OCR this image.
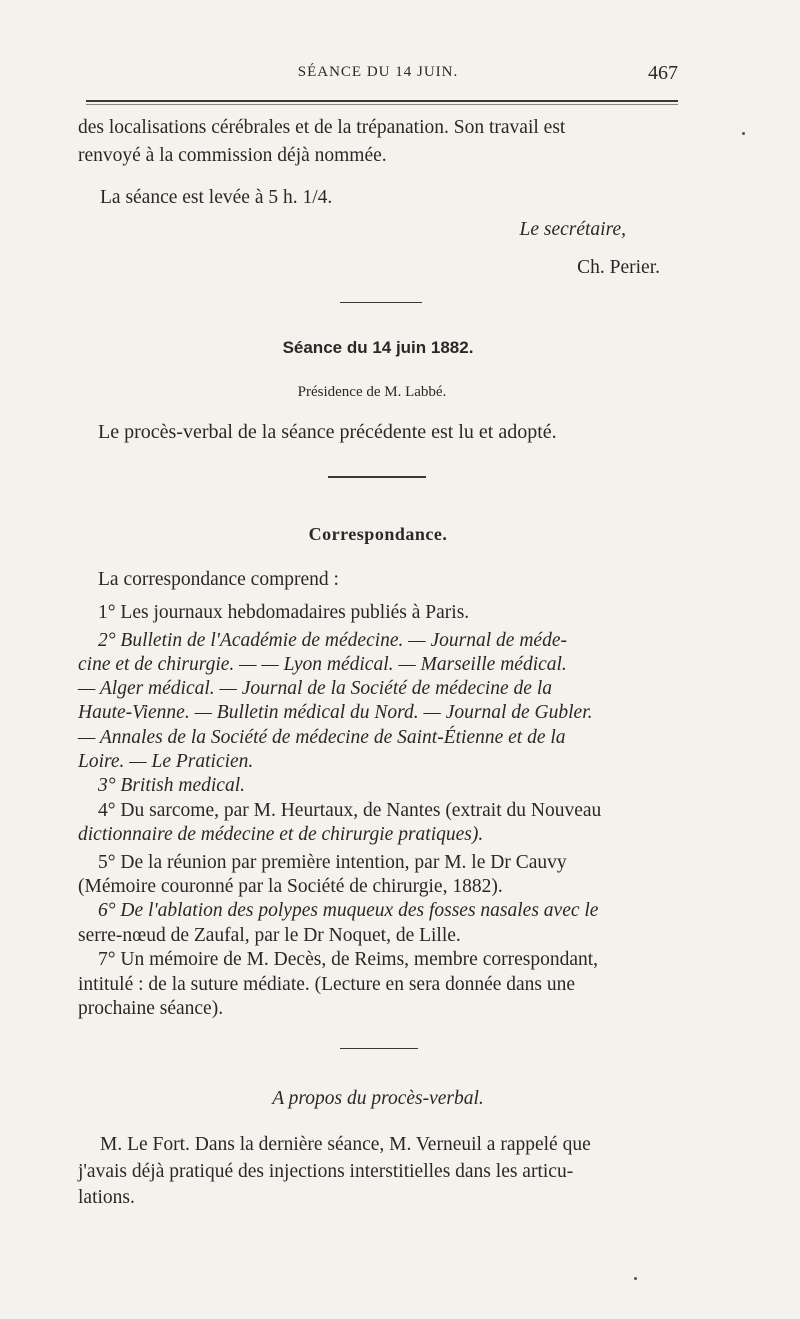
SÉANCE DU 14 JUIN.	467
des localisations cérébrales et de la trépanation. Son travail est
renvoyé à la commission déjà nommée.
La séance est levée à 5 h. 1/4.
Le secrétaire,
Ch. Perier.
Séance du 14 juin 1882.
Présidence de M. Labbé.
Le procès-verbal de la séance précédente est lu et adopté.
Correspondance.
La correspondance comprend :
1° Les journaux hebdomadaires publiés à Paris.
2° Bulletin de l'Académie de médecine. — Journal de méde-
cine et de chirurgie. — — Lyon médical. — Marseille médical.
— Alger médical. — Journal de la Société de médecine de la
Haute-Vienne. — Bulletin médical du Nord. — Journal de Gubler.
— Annales de la Société de médecine de Saint-Étienne et de la
Loire. — Le Praticien.
3° British medical.
4° Du sarcome, par M. Heurtaux, de Nantes (extrait du Nouveau
dictionnaire de médecine et de chirurgie pratiques).
5° De la réunion par première intention, par M. le Dr Cauvy
(Mémoire couronné par la Société de chirurgie, 1882).
6° De l'ablation des polypes muqueux des fosses nasales avec le
serre-nœud de Zaufal, par le Dr Noquet, de Lille.
7° Un mémoire de M. Decès, de Reims, membre correspondant,
intitulé : de la suture médiate. (Lecture en sera donnée dans une
prochaine séance).
A propos du procès-verbal.
M. Le Fort. Dans la dernière séance, M. Verneuil a rappelé que
j'avais déjà pratiqué des injections interstitielles dans les articu-
lations.
